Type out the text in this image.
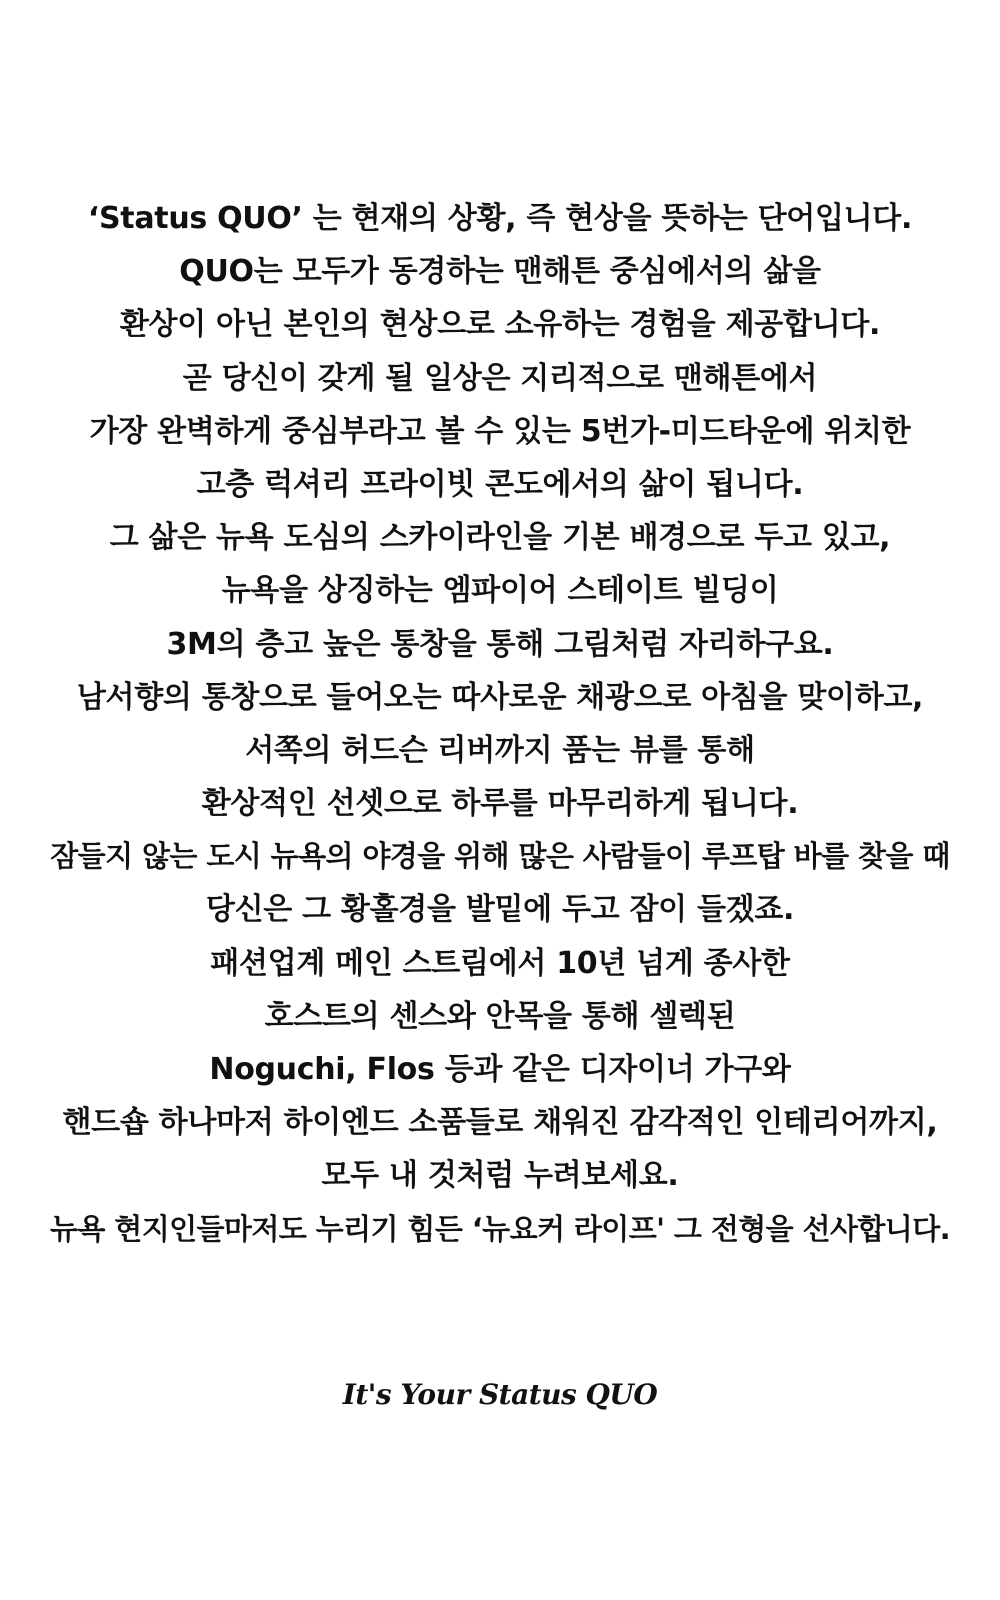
‘Status QUO’ 는 현재의 상황, 즉 현상을 뜻하는 단어입니다.
QUO는 모두가 동경하는 맨해튼 중심에서의 삶을
환상이 아닌 본인의 현상으로 소유하는 경험을 제공합니다.
곧 당신이 갖게 될 일상은 지리적으로 맨해튼에서
가장 완벽하게 중심부라고 볼 수 있는 5번가-미드타운에 위치한
고층 럭셔리 프라이빗 콘도에서의 삶이 됩니다.
그 삶은 뉴욕 도심의 스카이라인을 기본 배경으로 두고 있고,
뉴욕을 상징하는 엠파이어 스테이트 빌딩이
3M의 층고 높은 통창을 통해 그림처럼 자리하구요.
남서향의 통창으로 들어오는 따사로운 채광으로 아침을 맞이하고,
서쪽의 허드슨 리버까지 품는 뷰를 통해
환상적인 선셋으로 하루를 마무리하게 됩니다.
잠들지 않는 도시 뉴욕의 야경을 위해 많은 사람들이 루프탑 바를 찾을 때
당신은 그 황홀경을 발밑에 두고 잠이 들겠죠.
패션업계 메인 스트림에서 10년 넘게 종사한
호스트의 센스와 안목을 통해 셀렉된
Noguchi, Flos 등과 같은 디자이너 가구와
핸드숍 하나마저 하이엔드 소품들로 채워진 감각적인 인테리어까지,
모두 내 것처럼 누려보세요.
뉴욕 현지인들마저도 누리기 힘든 ‘뉴요커 라이프' 그 전형을 선사합니다.
It's Your Status QUO
